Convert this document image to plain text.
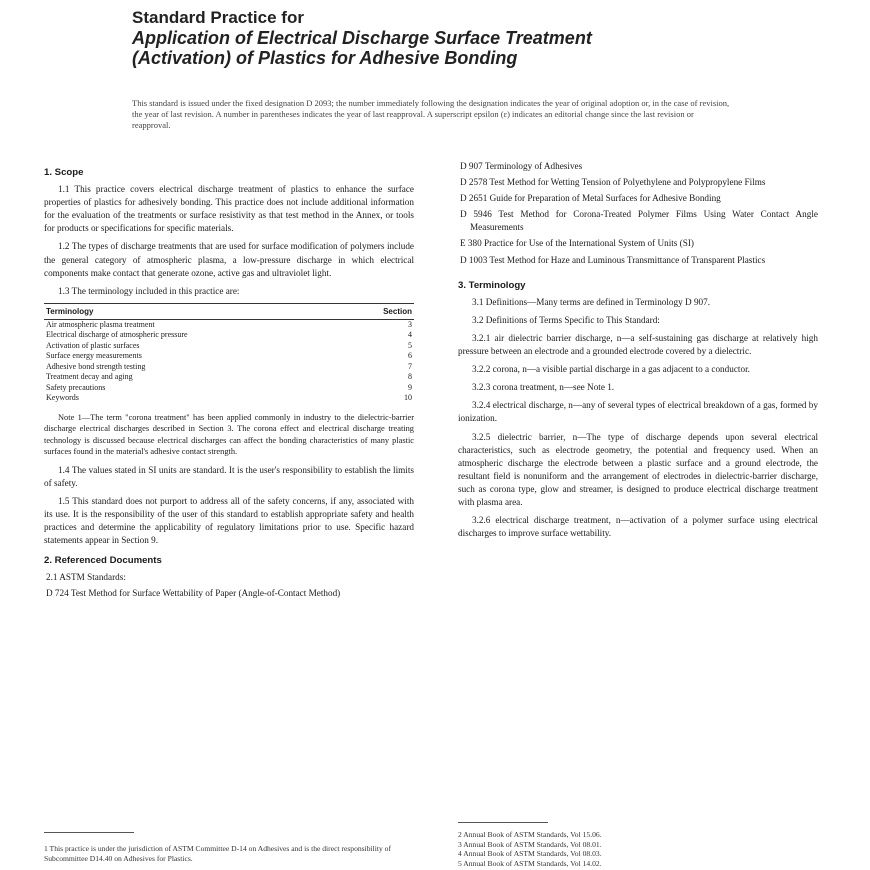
Standard Practice for
Application of Electrical Discharge Surface Treatment
(Activation) of Plastics for Adhesive Bonding
This standard is issued under the fixed designation D 2093; the number immediately following the designation indicates the year of original adoption or, in the case of revision, the year of last revision. A number in parentheses indicates the year of last reapproval. A superscript epsilon (ε) indicates an editorial change since the last revision or reapproval.
1. Scope
1.1 This practice covers electrical discharge treatment of plastics to enhance the surface properties of plastics for adhesively bonding. This practice does not include additional information for the evaluation of the treatments or surface resistivity as that test method in the Annex, or tools for products or specifications for specific materials.
1.2 The types of discharge treatments that are used for surface modification of polymers include the general category of atmospheric plasma, a low-pressure discharge in which electrical components make contact that generate ozone, active gas and ultraviolet light.
1.3 The terminology included in this practice are:
Terminology	Section
Air atmospheric plasma treatment	3
Electrical discharge of atmospheric pressure	4
Activation of plastic surfaces	5
Surface energy measurements	6
Adhesive bond strength testing	7
Treatment decay and aging	8
Safety precautions	9
Keywords	10
Note 1—The term "corona treatment" has been applied commonly in industry to the dielectric-barrier discharge electrical discharges described in Section 3. The corona effect and electrical discharge treating technology is discussed because electrical discharges can affect the bonding characteristics of many plastic surfaces found in the material's adhesive contact strength.
1.4 The values stated in SI units are standard. It is the user's responsibility to establish the limits of safety.
1.5 This standard does not purport to address all of the safety concerns, if any, associated with its use. It is the responsibility of the user of this standard to establish appropriate safety and health practices and determine the applicability of regulatory limitations prior to use. Specific hazard statements appear in Section 9.
2. Referenced Documents
2.1 ASTM Standards:
D 724 Test Method for Surface Wettability of Paper (Angle-of-Contact Method)
D 907 Terminology of Adhesives
D 2578 Test Method for Wetting Tension of Polyethylene and Polypropylene Films
D 2651 Guide for Preparation of Metal Surfaces for Adhesive Bonding
D 5946 Test Method for Corona-Treated Polymer Films Using Water Contact Angle Measurements
E 380 Practice for Use of the International System of Units (SI)
D 1003 Test Method for Haze and Luminous Transmittance of Transparent Plastics
3. Terminology
3.1 Definitions—Many terms are defined in Terminology D 907.
3.2 Definitions of Terms Specific to This Standard:
3.2.1 air dielectric barrier discharge, n—a self-sustaining gas discharge at relatively high pressure between an electrode and a grounded electrode covered by a dielectric.
3.2.2 corona, n—a visible partial discharge in a gas adjacent to a conductor.
3.2.3 corona treatment, n—see Note 1.
3.2.4 electrical discharge, n—any of several types of electrical breakdown of a gas, formed by ionization.
3.2.5 dielectric barrier, n—The type of discharge depends upon several electrical characteristics, such as electrode geometry, the potential and frequency used. When an atmospheric discharge the electrode between a plastic surface and a ground electrode, the resultant field is nonuniform and the arrangement of electrodes in dielectric-barrier discharge, such as corona type, glow and streamer, is designed to produce electrical discharge treatment with plasma area.
3.2.6 electrical discharge treatment, n—activation of a polymer surface using electrical discharges to improve surface wettability.
1 This practice is under the jurisdiction of ASTM Committee D-14 on Adhesives and is the direct responsibility of Subcommittee D14.40 on Adhesives for Plastics.
2 Annual Book of ASTM Standards, Vol 15.06.
3 Annual Book of ASTM Standards, Vol 08.01.
4 Annual Book of ASTM Standards, Vol 08.03.
5 Annual Book of ASTM Standards, Vol 14.02.
